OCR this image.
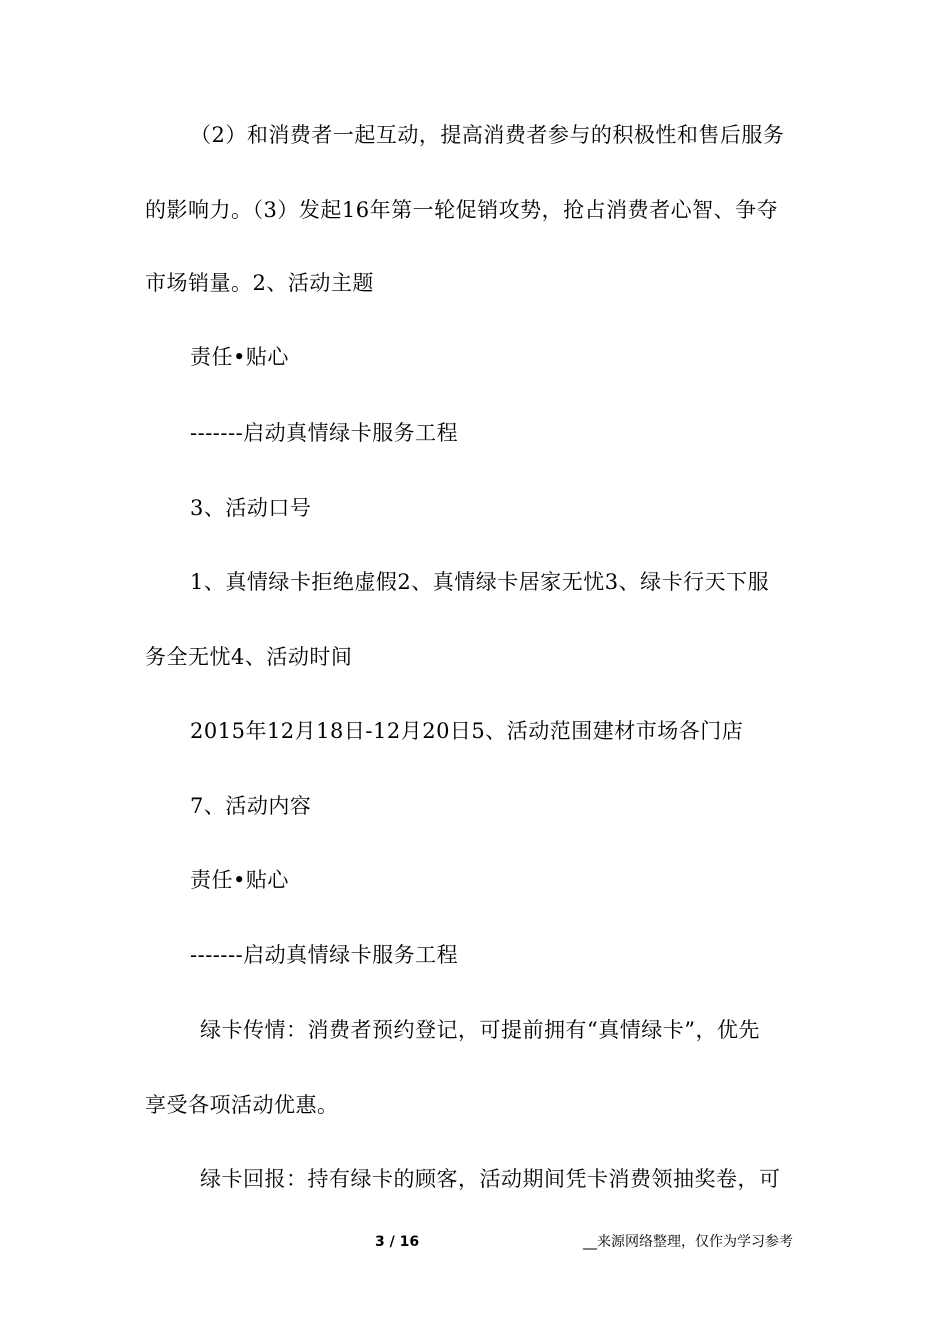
（2）和消费者一起互动，提高消费者参与的积极性和售后服务
的影响力。（3）发起16年第一轮促销攻势，抢占消费者心智、争夺
市场销量。2、活动主题
责任•贴心
-------启动真情绿卡服务工程
3、活动口号
1、真情绿卡拒绝虚假2、真情绿卡居家无忧3、绿卡行天下服
务全无忧4、活动时间
2015年12月18日-12月20日5、活动范围建材市场各门店
7、活动内容
责任•贴心
-------启动真情绿卡服务工程
绿卡传情：消费者预约登记，可提前拥有“真情绿卡”，优先
享受各项活动优惠。
绿卡回报：持有绿卡的顾客，活动期间凭卡消费领抽奖卷，可
3 / 16	__来源网络整理，仅作为学习参考
